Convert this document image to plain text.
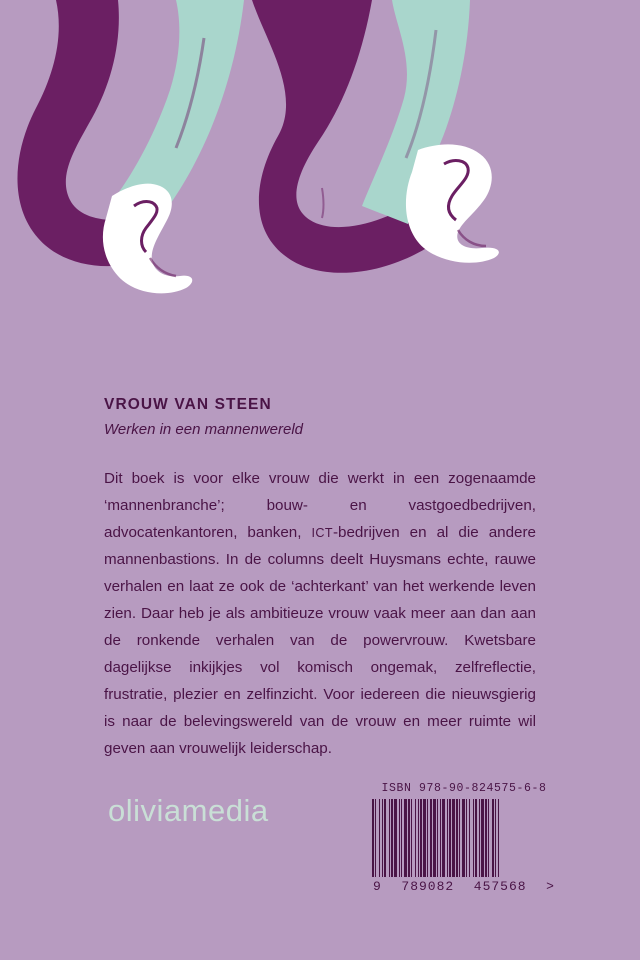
VROUW VAN STEEN

Werken in een mannenwereld

Dit boek is voor elke vrouw die werkt in een zogenaamde ‘mannenbranche’; bouw- en vastgoedbedrijven, advocatenkantoren, banken, ICT-bedrijven en al die andere mannenbastions. In de columns deelt Huysmans echte, rauwe verhalen en laat ze ook de ‘achterkant’ van het werkende leven zien. Daar heb je als ambitieuze vrouw vaak meer aan dan aan de ronkende verhalen van de powervrouw. Kwetsbare dagelijkse inkijkjes vol komisch ongemak, zelfreflectie, frustratie, plezier en zelfinzicht. Voor iedereen die nieuwsgierig is naar de belevingswereld van de vrouw en meer ruimte wil geven aan vrouwelijk leiderschap.

oliviamedia
ISBN 978-90-824575-6-8
9 789082 457568 >
